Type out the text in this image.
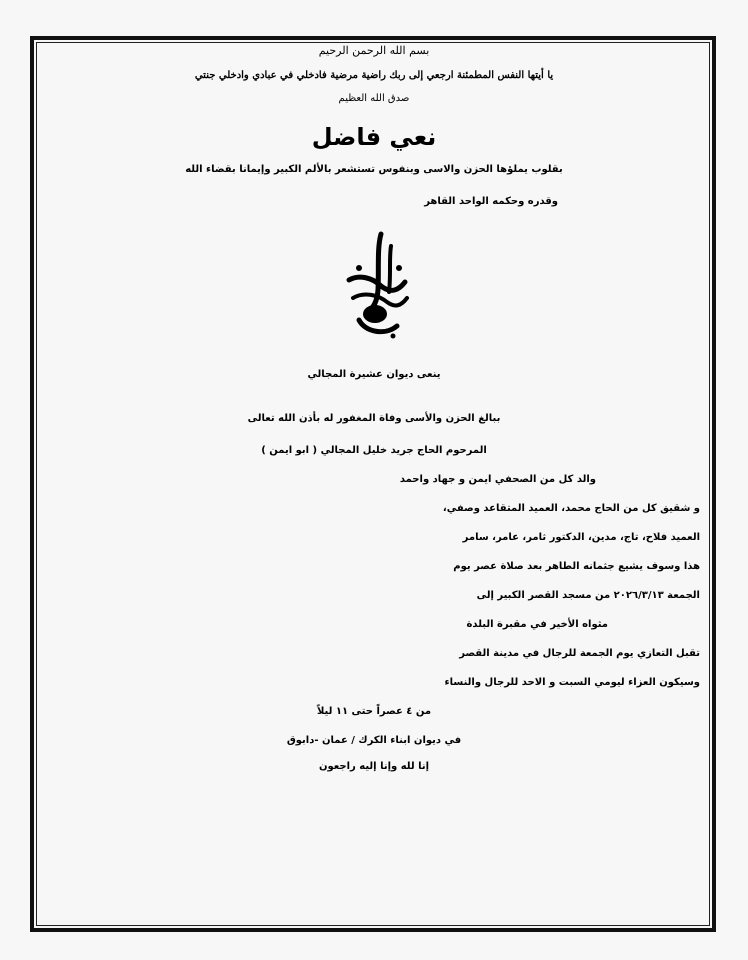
بسم الله الرحمن الرحيم
يا أيتها النفس المطمئنة ارجعي إلى ربك راضية مرضية فادخلي في عبادي وادخلي جنتي
صدق الله العظيم
نعي فاضل
بقلوب يملؤها الحزن والاسى وبنفوس تستشعر بالألم الكبير وإيمانا بقضاء الله
وقدره وحكمه الواحد القاهر
ينعى ديوان عشيرة المجالي
ببالغ الحزن والأسى وفاة المغفور له بأذن الله تعالى
المرحوم الحاج جريد خليل المجالي ( ابو ايمن )
والد كل من الصحفي ايمن و جهاد واحمد
و شقيق كل من الحاج محمد، العميد المتقاعد وصفي،
العميد فلاح، تاج، مدين، الدكتور ثامر، عامر، سامر
هذا وسوف يشيع جثمانه الطاهر بعد صلاة عصر يوم
الجمعة ٢٠٢٦/٣/١٣ من مسجد القصر الكبير إلى
مثواه الأخير في مقبرة البلدة
تقبل التعازي يوم الجمعة للرجال في مدينة القصر
وسيكون العزاء ليومي السبت و الاحد للرجال والنساء
من ٤ عصراً حتى ١١ ليلاً
في ديوان ابناء الكرك / عمان -دابوق
إنا لله وإنا إليه راجعون
